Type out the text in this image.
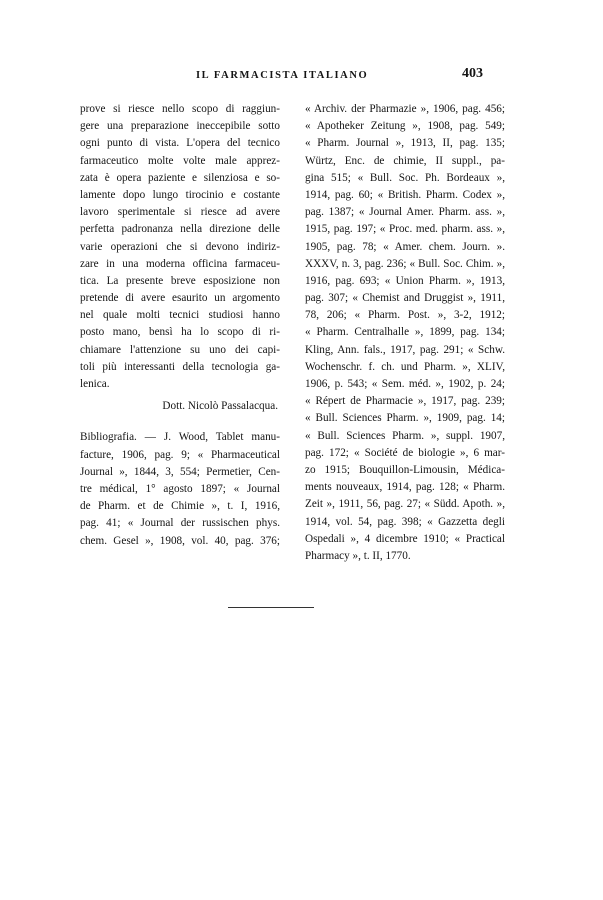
IL FARMACISTA ITALIANO	403
prove si riesce nello scopo di raggiun-
gere una preparazione ineccepibile sotto
ogni punto di vista. L'opera del tecnico
farmaceutico molte volte male apprez-
zata è opera paziente e silenziosa e so-
lamente dopo lungo tirocinio e costante
lavoro sperimentale si riesce ad avere
perfetta padronanza nella direzione delle
varie operazioni che si devono indiriz-
zare in una moderna officina farmaceu-
tica. La presente breve esposizione non
pretende di avere esaurito un argomento
nel quale molti tecnici studiosi hanno
posto mano, bensì ha lo scopo di ri-
chiamare l'attenzione su uno dei capi-
toli più interessanti della tecnologia ga-
lenica.
Dott. Nicolò Passalacqua.
Bibliografia. — J. Wood, Tablet manu-
facture, 1906, pag. 9; « Pharmaceutical
Journal », 1844, 3, 554; Permetier, Cen-
tre médical, 1° agosto 1897; « Journal
de Pharm. et de Chimie », t. I, 1916,
pag. 41; « Journal der russischen phys.
chem. Gesel », 1908, vol. 40, pag. 376;
« Archiv. der Pharmazie », 1906, pag. 456;
« Apotheker Zeitung », 1908, pag. 549;
« Pharm. Journal », 1913, II, pag. 135;
Würtz, Enc. de chimie, II suppl., pa-
gina 515; « Bull. Soc. Ph. Bordeaux »,
1914, pag. 60; « British. Pharm. Codex »,
pag. 1387; « Journal Amer. Pharm. ass. »,
1915, pag. 197; « Proc. med. pharm. ass. »,
1905, pag. 78; « Amer. chem. Journ. ».
XXXV, n. 3, pag. 236; « Bull. Soc. Chim. »,
1916, pag. 693; « Union Pharm. », 1913,
pag. 307; « Chemist and Druggist », 1911,
78, 206; « Pharm. Post. », 3-2, 1912;
« Pharm. Centralhalle », 1899, pag. 134;
Kling, Ann. fals., 1917, pag. 291; « Schw.
Wochenschr. f. ch. und Pharm. », XLIV,
1906, p. 543; « Sem. méd. », 1902, p. 24;
« Répert de Pharmacie », 1917, pag. 239;
« Bull. Sciences Pharm. », 1909, pag. 14;
« Bull. Sciences Pharm. », suppl. 1907,
pag. 172; « Société de biologie », 6 mar-
zo 1915; Bouquillon-Limousin, Médica-
ments nouveaux, 1914, pag. 128; « Pharm.
Zeit », 1911, 56, pag. 27; « Südd. Apoth. »,
1914, vol. 54, pag. 398; « Gazzetta degli
Ospedali », 4 dicembre 1910; « Practical
Pharmacy », t. II, 1770.
